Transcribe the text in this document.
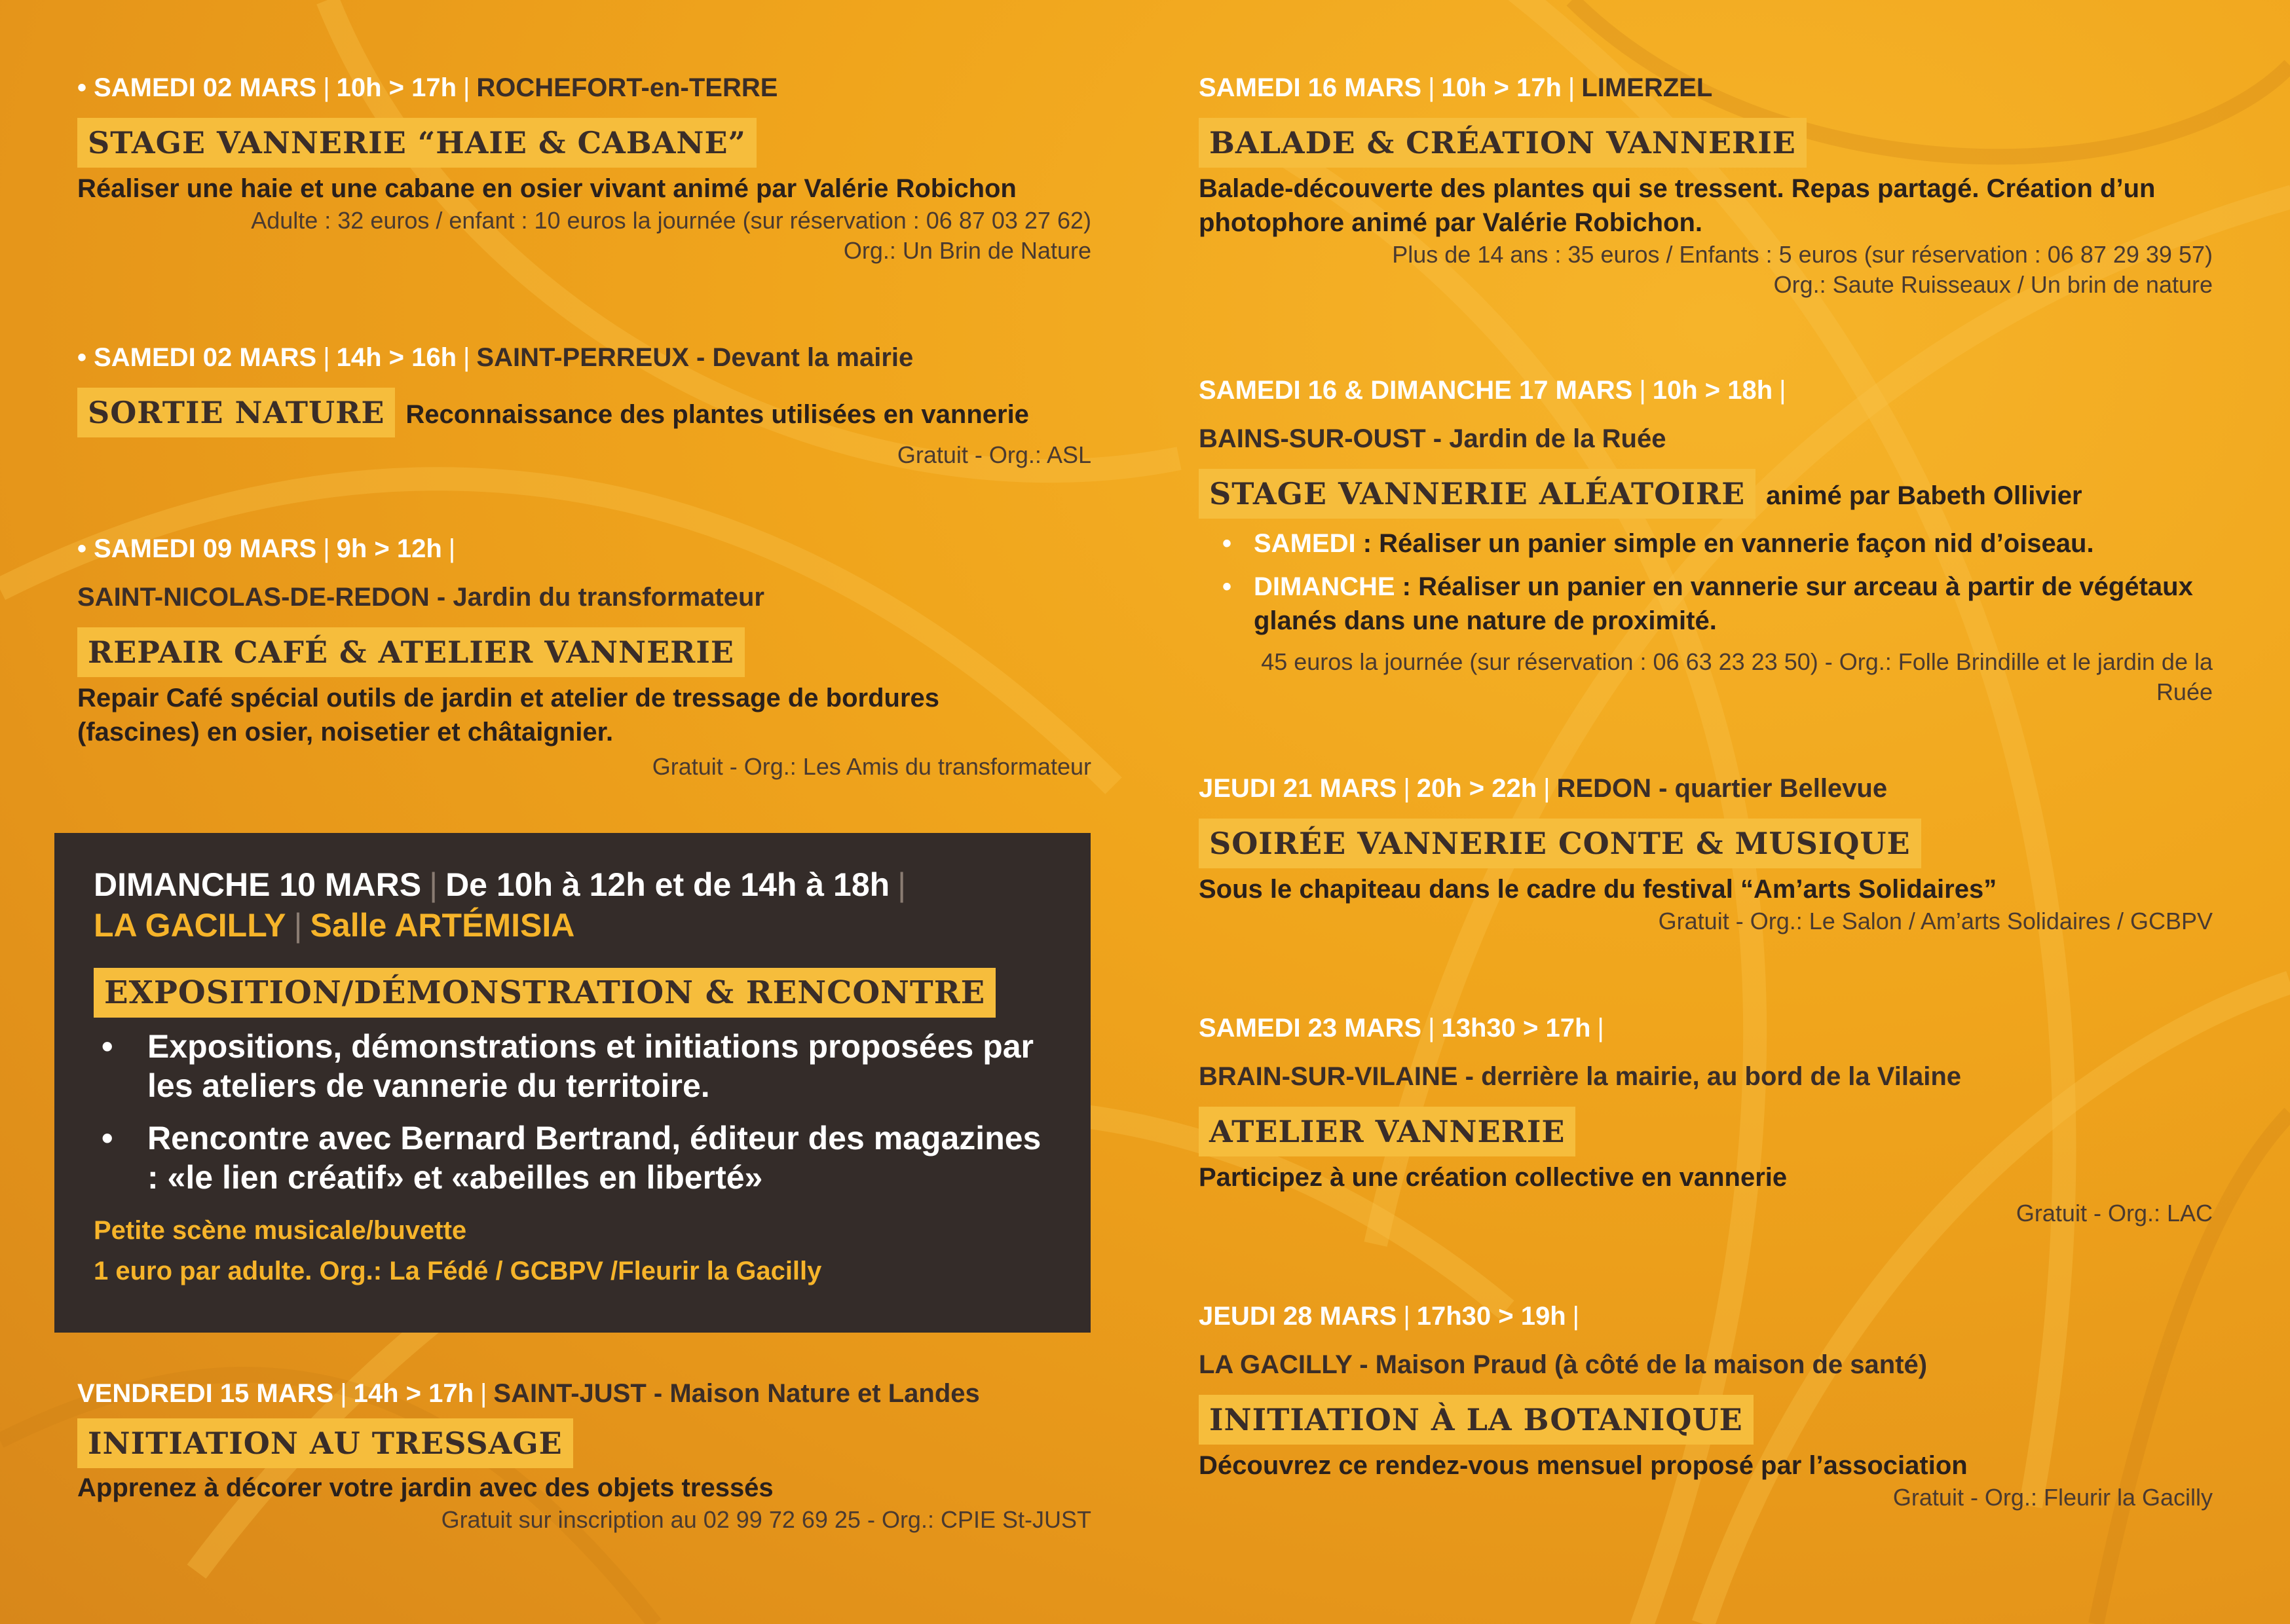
• SAMEDI 02 MARS | 10h > 17h | ROCHEFORT-en-TERRE

STAGE VANNERIE “HAIE & CABANE”

Réaliser une haie et une cabane en osier vivant animé par Valérie Robichon

Adulte : 32 euros / enfant : 10 euros la journée (sur réservation : 06 87 03 27 62)

Org.: Un Brin de Nature

• SAMEDI 02 MARS | 14h > 16h | SAINT-PERREUX - Devant la mairie

SORTIE NATURE Reconnaissance des plantes utilisées en vannerie

Gratuit - Org.: ASL

• SAMEDI 09 MARS | 9h > 12h |

SAINT-NICOLAS-DE-REDON - Jardin du transformateur

REPAIR CAFÉ & ATELIER VANNERIE

Repair Café spécial outils de jardin et atelier de tressage de bordures (fascines) en osier, noisetier et châtaignier.

Gratuit - Org.: Les Amis du transformateur

DIMANCHE 10 MARS | De 10h à 12h et de 14h à 18h |

LA GACILLY | Salle ARTÉMISIA

EXPOSITION/DÉMONSTRATION & RENCONTRE
• Expositions, démonstrations et initiations proposées par les ateliers de vannerie du territoire.
• Rencontre avec Bernard Bertrand, éditeur des magazines : «le lien créatif» et «abeilles en liberté»

Petite scène musicale/buvette

1 euro par adulte. Org.: La Fédé / GCBPV /Fleurir la Gacilly

VENDREDI 15 MARS | 14h > 17h | SAINT-JUST - Maison Nature et Landes

INITIATION AU TRESSAGE

Apprenez à décorer votre jardin avec des objets tressés

Gratuit sur inscription au 02 99 72 69 25 - Org.: CPIE St-JUST

SAMEDI 16 MARS | 10h > 17h | LIMERZEL

BALADE & CRÉATION VANNERIE

Balade-découverte des plantes qui se tressent. Repas partagé. Création d’un photophore animé par Valérie Robichon.

Plus de 14 ans : 35 euros / Enfants : 5 euros (sur réservation : 06 87 29 39 57)

Org.: Saute Ruisseaux / Un brin de nature

SAMEDI 16 & DIMANCHE 17 MARS | 10h > 18h |

BAINS-SUR-OUST - Jardin de la Ruée

STAGE VANNERIE ALÉATOIRE animé par Babeth Ollivier
• SAMEDI : Réaliser un panier simple en vannerie façon nid d’oiseau.
• DIMANCHE : Réaliser un panier en vannerie sur arceau à partir de végétaux glanés dans une nature de proximité.

45 euros la journée (sur réservation : 06 63 23 23 50) - Org.: Folle Brindille et le jardin de la Ruée

JEUDI 21 MARS | 20h > 22h | REDON - quartier Bellevue

SOIRÉE VANNERIE CONTE & MUSIQUE

Sous le chapiteau dans le cadre du festival “Am’arts Solidaires”

Gratuit - Org.: Le Salon / Am’arts Solidaires / GCBPV

SAMEDI 23 MARS | 13h30 > 17h |

BRAIN-SUR-VILAINE - derrière la mairie, au bord de la Vilaine

ATELIER VANNERIE

Participez à une création collective en vannerie

Gratuit - Org.: LAC

JEUDI 28 MARS | 17h30 > 19h |

LA GACILLY - Maison Praud (à côté de la maison de santé)

INITIATION À LA BOTANIQUE

Découvrez ce rendez-vous mensuel proposé par l’association

Gratuit - Org.: Fleurir la Gacilly
